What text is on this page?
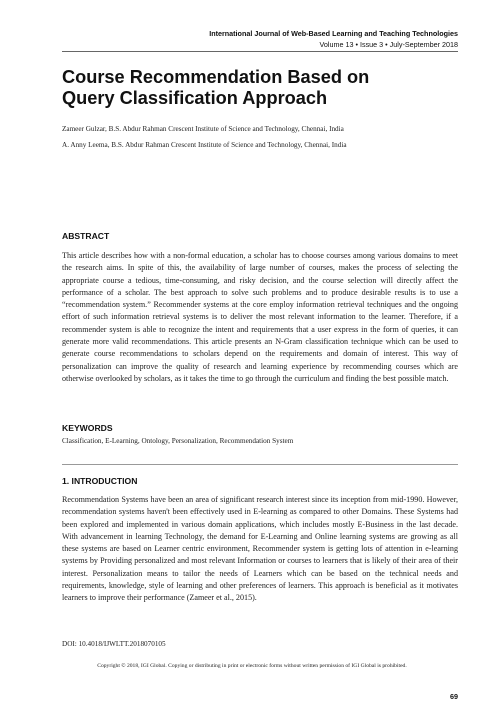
International Journal of Web-Based Learning and Teaching Technologies
Volume 13 • Issue 3 • July-September 2018
Course Recommendation Based on
Query Classification Approach
Zameer Gulzar, B.S. Abdur Rahman Crescent Institute of Science and Technology, Chennai, India
A. Anny Leema, B.S. Abdur Rahman Crescent Institute of Science and Technology, Chennai, India
ABSTRACT
This article describes how with a non-formal education, a scholar has to choose courses among various domains to meet the research aims. In spite of this, the availability of large number of courses, makes the process of selecting the appropriate course a tedious, time-consuming, and risky decision, and the course selection will directly affect the performance of a scholar. The best approach to solve such problems and to produce desirable results is to use a “recommendation system.” Recommender systems at the core employ information retrieval techniques and the ongoing effort of such information retrieval systems is to deliver the most relevant information to the learner. Therefore, if a recommender system is able to recognize the intent and requirements that a user express in the form of queries, it can generate more valid recommendations. This article presents an N-Gram classification technique which can be used to generate course recommendations to scholars depend on the requirements and domain of interest. This way of personalization can improve the quality of research and learning experience by recommending courses which are otherwise overlooked by scholars, as it takes the time to go through the curriculum and finding the best possible match.
KEYWORDS
Classification, E-Learning, Ontology, Personalization, Recommendation System
1. INTRODUCTION
Recommendation Systems have been an area of significant research interest since its inception from mid-1990. However, recommendation systems haven't been effectively used in E-learning as compared to other Domains. These Systems had been explored and implemented in various domain applications, which includes mostly E-Business in the last decade. With advancement in learning Technology, the demand for E-Learning and Online learning systems are growing as all these systems are based on Learner centric environment, Recommender system is getting lots of attention in e-learning systems by Providing personalized and most relevant Information or courses to learners that is likely of their area of their interest. Personalization means to tailor the needs of Learners which can be based on the technical needs and requirements, knowledge, style of learning and other preferences of learners. This approach is beneficial as it motivates learners to improve their performance (Zameer et al., 2015).
DOI: 10.4018/IJWLTT.2018070105
Copyright © 2018, IGI Global. Copying or distributing in print or electronic forms without written permission of IGI Global is prohibited.
69
